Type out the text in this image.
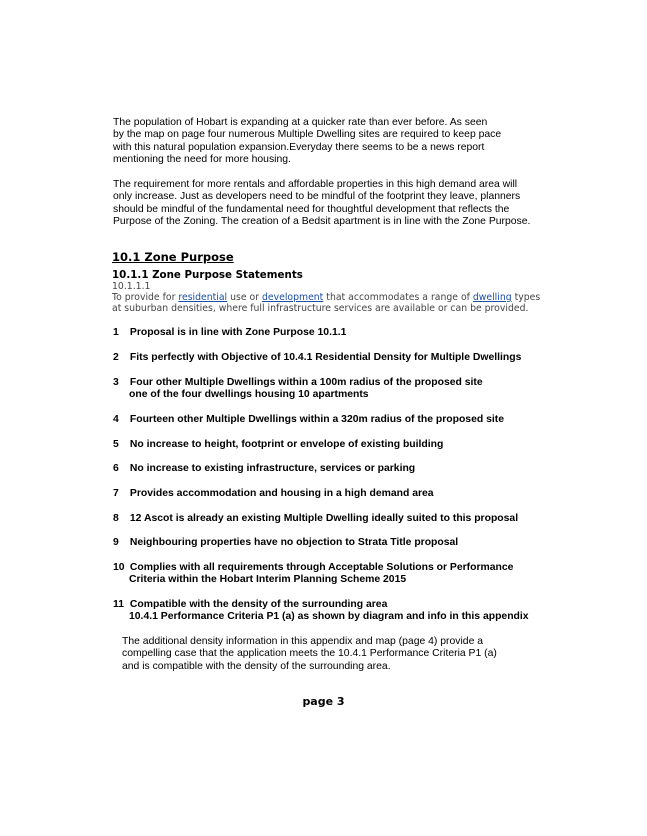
The population of Hobart is expanding at a quicker rate than ever before. As seen
by the map on page four numerous Multiple Dwelling sites are required to keep pace
with this natural population expansion.Everyday there seems to be a news report
mentioning the need for more housing.
The requirement for more rentals and affordable properties in this high demand area will
only increase. Just as developers need to be mindful of the footprint they leave, planners
should be mindful of the fundamental need for thoughtful development that reflects the
Purpose of the Zoning. The creation of a Bedsit apartment is in line with the Zone Purpose.
10.1 Zone Purpose
10.1.1 Zone Purpose Statements
10.1.1.1
To provide for residential use or development that accommodates a range of dwelling types
at suburban densities, where full infrastructure services are available or can be provided.
1 Proposal is in line with Zone Purpose 10.1.1
2 Fits perfectly with Objective of 10.4.1 Residential Density for Multiple Dwellings
3 Four other Multiple Dwellings within a 100m radius of the proposed site
one of the four dwellings housing 10 apartments
4 Fourteen other Multiple Dwellings within a 320m radius of the proposed site
5 No increase to height, footprint or envelope of existing building
6 No increase to existing infrastructure, services or parking
7 Provides accommodation and housing in a high demand area
8 12 Ascot is already an existing Multiple Dwelling ideally suited to this proposal
9 Neighbouring properties have no objection to Strata Title proposal
10 Complies with all requirements through Acceptable Solutions or Performance
Criteria within the Hobart Interim Planning Scheme 2015
11 Compatible with the density of the surrounding area
10.4.1 Performance Criteria P1 (a) as shown by diagram and info in this appendix
The additional density information in this appendix and map (page 4) provide a
compelling case that the application meets the 10.4.1 Performance Criteria P1 (a)
and is compatible with the density of the surrounding area.
page 3
